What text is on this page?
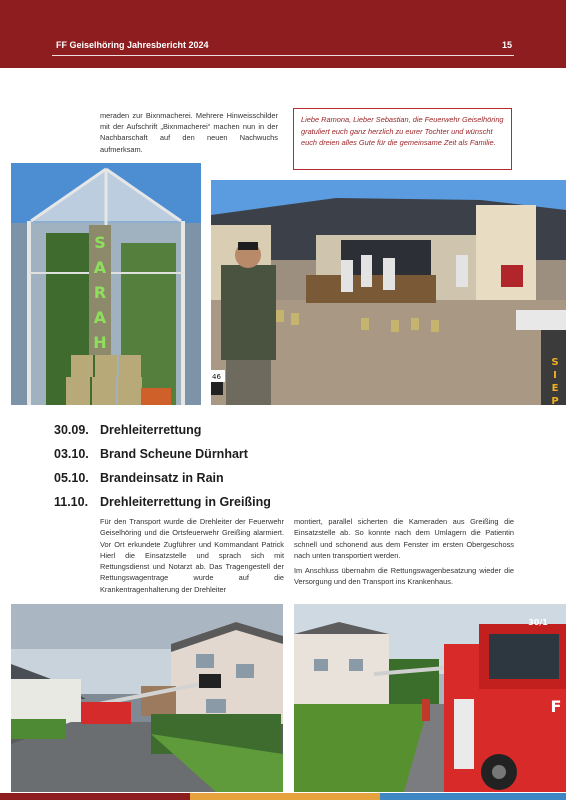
FF Geiselhöring Jahresbericht 2024	15

meraden zur Bixnmacherei. Mehrere Hinweisschilder mit der Aufschrift „Bixnmacherei“ machen nun in der Nachbarschaft auf den neuen Nachwuchs aufmerksam.

Liebe Ramona, Lieber Sebastian, die Feuerwehr Geiselhöring gratuliert euch ganz herzlich zu eurer Tochter und wünscht euch dreien alles Gute für die gemeinsame Zeit als Familie.
S
A
R
A
H
S
I
E
P
46
30.09. Drehleiterrettung
03.10. Brand Scheune Dürnhart
05.10. Brandeinsatz in Rain
11.10. Drehleiterrettung in Greißing

Für den Transport wurde die Drehleiter der Feuerwehr Geiselhöring und die Ortsfeuerwehr Greißing alarmiert. Vor Ort erkundete Zugführer und Kommandant Patrick Hierl die Einsatzstelle und sprach sich mit Rettungsdienst und Notarzt ab. Das Tragengestell der Rettungswagentrage wurde auf die Krankentragenhalterung der Drehleiter

montiert, parallel sicherten die Kameraden aus Greißing die Einsatzstelle ab. So konnte nach dem Umlagern die Patientin schnell und schonend aus dem Fenster im ersten Obergeschoss nach unten transportiert werden.

Im Anschluss übernahm die Rettungswagenbesatzung wieder die Versorgung und den Transport ins Krankenhaus.

30/1
F
